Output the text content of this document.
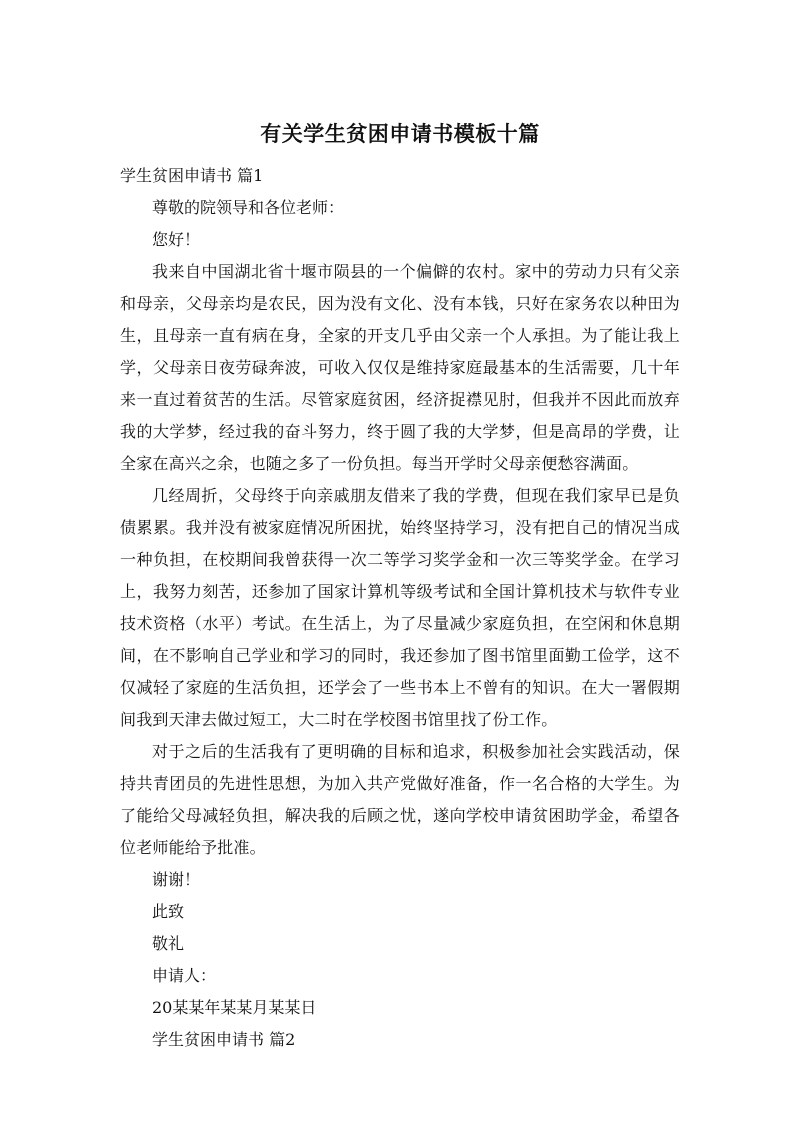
有关学生贫困申请书模板十篇

学生贫困申请书 篇1

尊敬的院领导和各位老师：

您好！

我来自中国湖北省十堰市陨县的一个偏僻的农村。家中的劳动力只有父亲和母亲，父母亲均是农民，因为没有文化、没有本钱，只好在家务农以种田为生，且母亲一直有病在身，全家的开支几乎由父亲一个人承担。为了能让我上学，父母亲日夜劳碌奔波，可收入仅仅是维持家庭最基本的生活需要，几十年来一直过着贫苦的生活。尽管家庭贫困，经济捉襟见肘，但我并不因此而放弃我的大学梦，经过我的奋斗努力，终于圆了我的大学梦，但是高昂的学费，让全家在高兴之余，也随之多了一份负担。每当开学时父母亲便愁容满面。

几经周折，父母终于向亲戚朋友借来了我的学费，但现在我们家早已是负债累累。我并没有被家庭情况所困扰，始终坚持学习，没有把自己的情况当成一种负担，在校期间我曾获得一次二等学习奖学金和一次三等奖学金。在学习上，我努力刻苦，还参加了国家计算机等级考试和全国计算机技术与软件专业技术资格（水平）考试。在生活上，为了尽量减少家庭负担，在空闲和休息期间，在不影响自己学业和学习的同时，我还参加了图书馆里面勤工俭学，这不仅减轻了家庭的生活负担，还学会了一些书本上不曾有的知识。在大一署假期间我到天津去做过短工，大二时在学校图书馆里找了份工作。

对于之后的生活我有了更明确的目标和追求，积极参加社会实践活动，保持共青团员的先进性思想，为加入共产党做好准备，作一名合格的大学生。为了能给父母减轻负担，解决我的后顾之忧，遂向学校申请贫困助学金，希望各位老师能给予批准。

谢谢！

此致

敬礼

申请人：

20某某年某某月某某日

学生贫困申请书 篇2
